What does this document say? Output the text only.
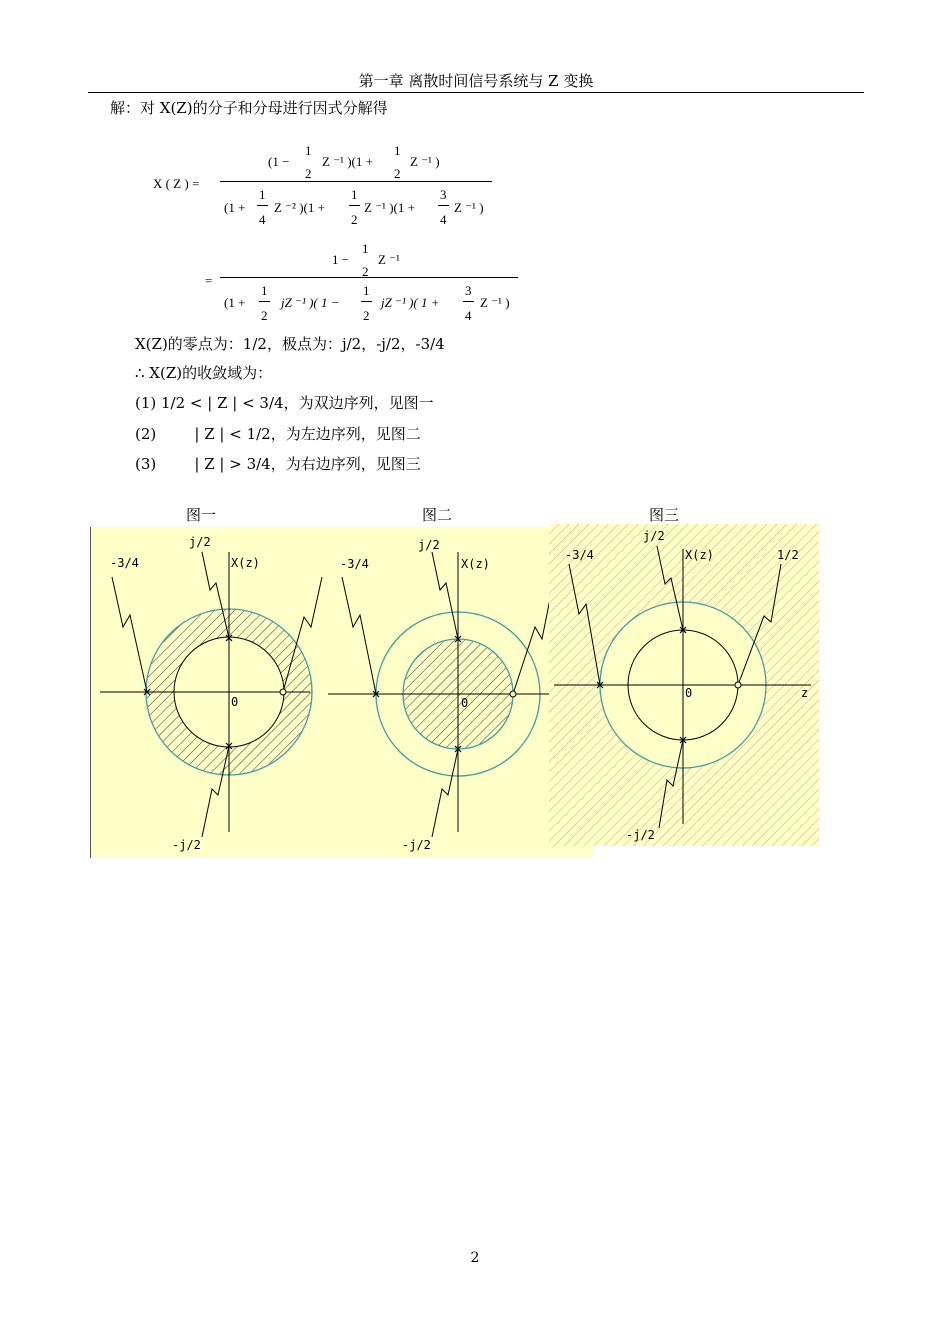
第一章 离散时间信号系统与 Z 变换
解：对 X(Z)的分子和分母进行因式分解得
X ( Z ) =
(1 −
1
2
Z ⁻¹ )(1 +
1
2
Z ⁻¹ )
(1 +
1
4
Z ⁻² )(1 +
1
2
Z ⁻¹ )(1 +
3
4
Z ⁻¹ )
=
1 −
1
2
Z ⁻¹
(1 +
1
2
jZ ⁻¹ )( 1 −
1
2
jZ ⁻¹ )( 1 +
3
4
Z ⁻¹ )
X(Z)的零点为：1/2，极点为：j/2，-j/2，-3/4
∴ X(Z)的收敛域为：
(1) 1/2 < | Z | < 3/4，为双边序列，见图一
(2)        | Z | < 1/2，为左边序列，见图二
(3)        | Z | > 3/4，为右边序列，见图三
图一	图二	图三
j/2
-3/4	X(z)
0
-j/2
j/2
-3/4	X(z)
0
-j/2
j/2
-3/4	X(z)	1/2
z
0
-j/2
2
